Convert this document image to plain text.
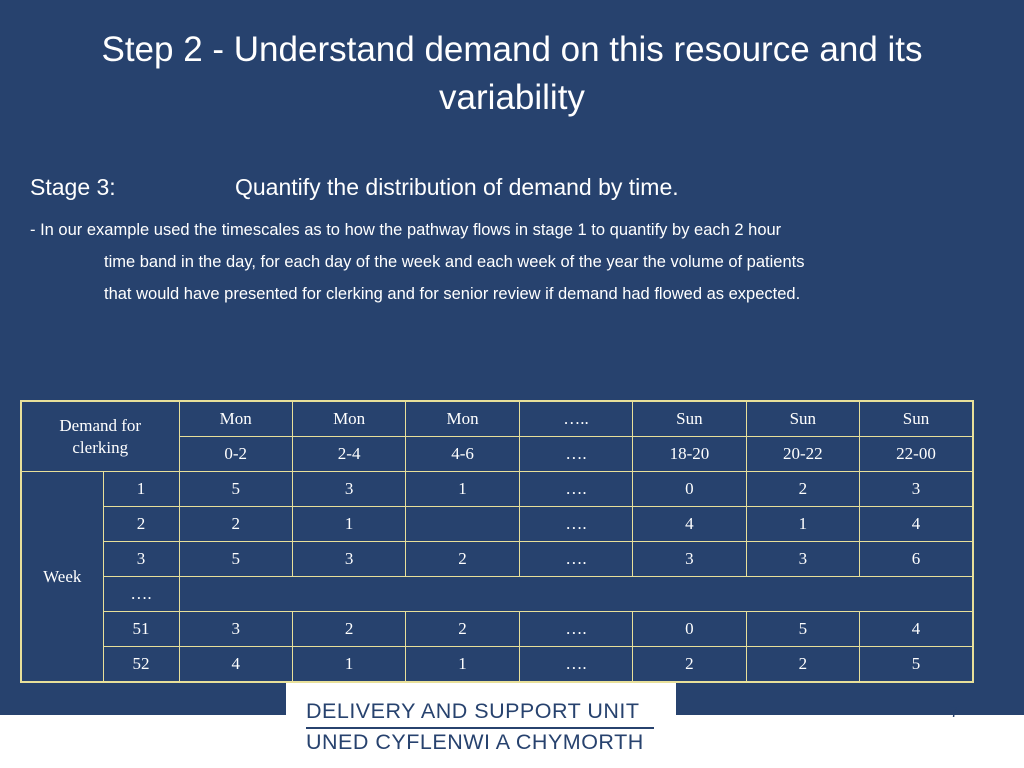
Step 2 - Understand demand on this resource and its variability
Stage 3:	Quantify the distribution of demand by time.
- In our example used the timescales as to how the pathway flows in stage 1 to quantify by each 2 hour
time band in the day, for each day of the week and each week of the year the volume of patients
that would have presented for clerking and for senior review if demand had flowed as expected.
Demand for clerking		Mon	Mon	Mon	…..	Sun	Sun	Sun
		0-2	2-4	4-6	….	18-20	20-22	22-00
Week	1	5	3	1	….	0	2	3
	2	2	1		….	4	1	4
	3	5	3	2	….	3	3	6
	….							
	51	3	2	2	….	0	5	4
	52	4	1	1	….	2	2	5
7
DELIVERY AND SUPPORT UNIT
UNED CYFLENWI A CHYMORTH
